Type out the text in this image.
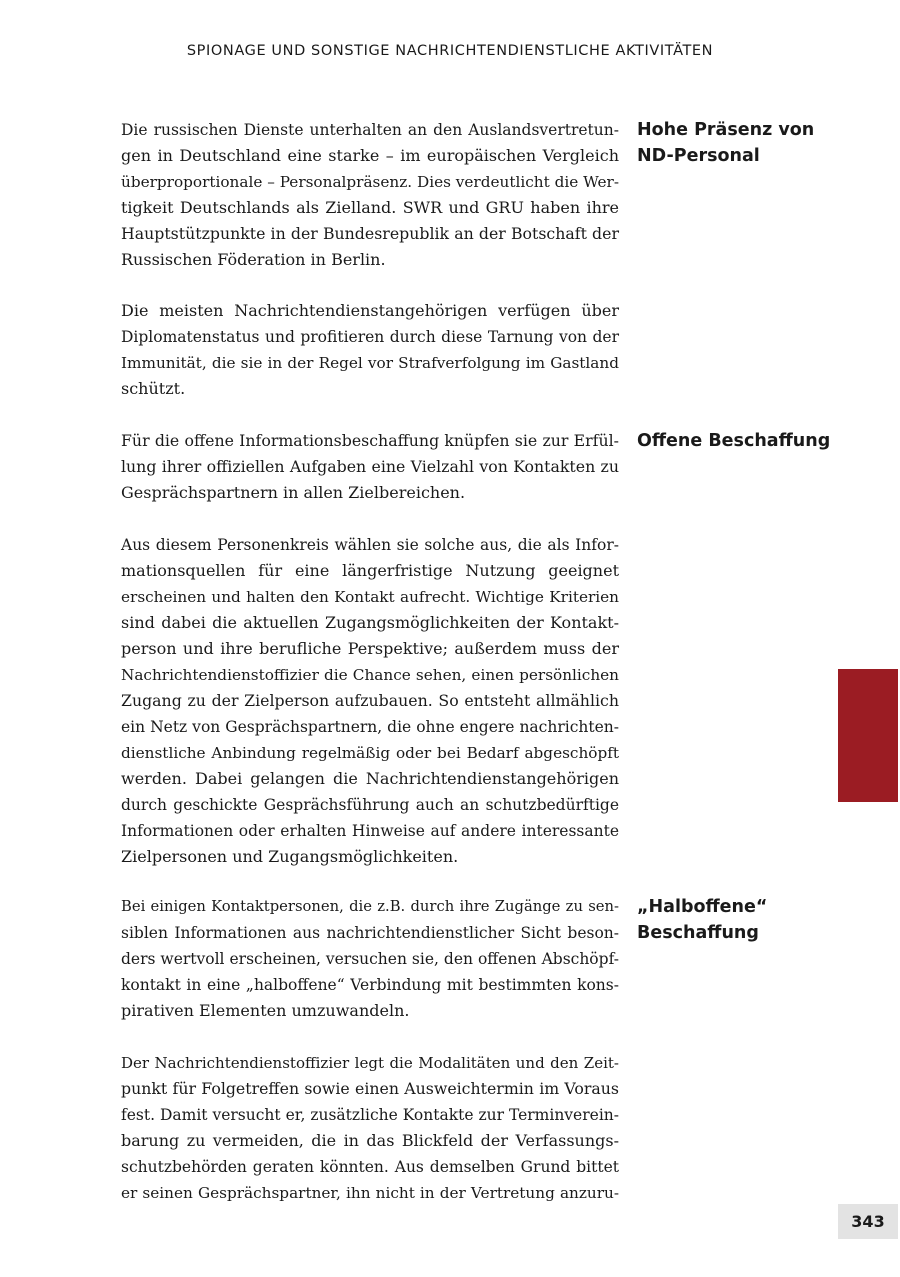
SPIONAGE UND SONSTIGE NACHRICHTENDIENSTLICHE AKTIVITÄTEN
Die russischen Dienste unterhalten an den Auslandsvertretun-
gen in Deutschland eine starke – im europäischen Vergleich
überproportionale – Personalpräsenz. Dies verdeutlicht die Wer-
tigkeit Deutschlands als Zielland. SWR und GRU haben ihre
Hauptstützpunkte in der Bundesrepublik an der Botschaft der
Russischen Föderation in Berlin.
Die meisten Nachrichtendienstangehörigen verfügen über
Diplomatenstatus und profitieren durch diese Tarnung von der
Immunität, die sie in der Regel vor Strafverfolgung im Gastland
schützt.
Für die offene Informationsbeschaffung knüpfen sie zur Erfül-
lung ihrer offiziellen Aufgaben eine Vielzahl von Kontakten zu
Gesprächspartnern in allen Zielbereichen.
Aus diesem Personenkreis wählen sie solche aus, die als Infor-
mationsquellen für eine längerfristige Nutzung geeignet
erscheinen und halten den Kontakt aufrecht. Wichtige Kriterien
sind dabei die aktuellen Zugangsmöglichkeiten der Kontakt-
person und ihre berufliche Perspektive; außerdem muss der
Nachrichtendienstoffizier die Chance sehen, einen persönlichen
Zugang zu der Zielperson aufzubauen. So entsteht allmählich
ein Netz von Gesprächspartnern, die ohne engere nachrichten-
dienstliche Anbindung regelmäßig oder bei Bedarf abgeschöpft
werden. Dabei gelangen die Nachrichtendienstangehörigen
durch geschickte Gesprächsführung auch an schutzbedürftige
Informationen oder erhalten Hinweise auf andere interessante
Zielpersonen und Zugangsmöglichkeiten.
Bei einigen Kontaktpersonen, die z.B. durch ihre Zugänge zu sen-
siblen Informationen aus nachrichtendienstlicher Sicht beson-
ders wertvoll erscheinen, versuchen sie, den offenen Abschöpf-
kontakt in eine „halboffene“ Verbindung mit bestimmten kons-
pirativen Elementen umzuwandeln.
Der Nachrichtendienstoffizier legt die Modalitäten und den Zeit-
punkt für Folgetreffen sowie einen Ausweichtermin im Voraus
fest. Damit versucht er, zusätzliche Kontakte zur Terminverein-
barung zu vermeiden, die in das Blickfeld der Verfassungs-
schutzbehörden geraten könnten. Aus demselben Grund bittet
er seinen Gesprächspartner, ihn nicht in der Vertretung anzuru-
Hohe Präsenz von
ND-Personal
Offene Beschaffung
„Halboffene“
Beschaffung
343
